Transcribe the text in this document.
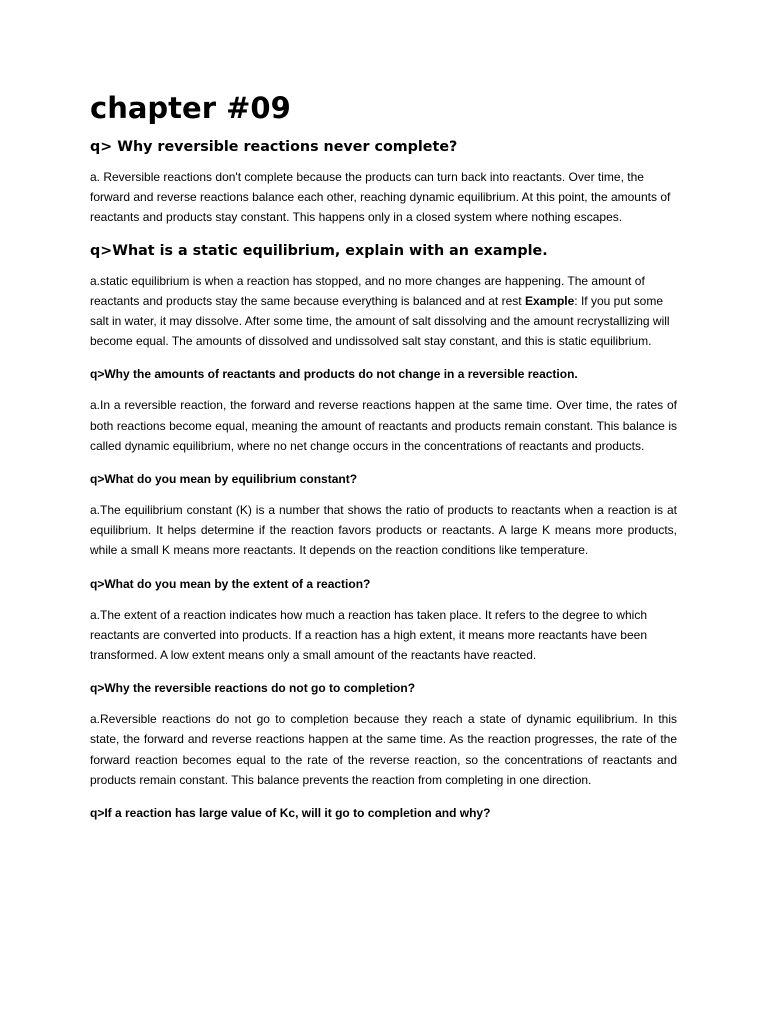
chapter #09
q> Why reversible reactions never complete?

a. Reversible reactions don't complete because the products can turn back into reactants. Over time, the forward and reverse reactions balance each other, reaching dynamic equilibrium. At this point, the amounts of reactants and products stay constant. This happens only in a closed system where nothing escapes.

q>What is a static equilibrium, explain with an example.

a.static equilibrium is when a reaction has stopped, and no more changes are happening. The amount of reactants and products stay the same because everything is balanced and at rest Example: If you put some salt in water, it may dissolve. After some time, the amount of salt dissolving and the amount recrystallizing will become equal. The amounts of dissolved and undissolved salt stay constant, and this is static equilibrium.

q>Why the amounts of reactants and products do not change in a reversible reaction.

a.In a reversible reaction, the forward and reverse reactions happen at the same time. Over time, the rates of both reactions become equal, meaning the amount of reactants and products remain constant. This balance is called dynamic equilibrium, where no net change occurs in the concentrations of reactants and products.

q>What do you mean by equilibrium constant?

a.The equilibrium constant (K) is a number that shows the ratio of products to reactants when a reaction is at equilibrium. It helps determine if the reaction favors products or reactants. A large K means more products, while a small K means more reactants. It depends on the reaction conditions like temperature.

q>What do you mean by the extent of a reaction?

a.The extent of a reaction indicates how much a reaction has taken place. It refers to the degree to which reactants are converted into products. If a reaction has a high extent, it means more reactants have been transformed. A low extent means only a small amount of the reactants have reacted.

q>Why the reversible reactions do not go to completion?

a.Reversible reactions do not go to completion because they reach a state of dynamic equilibrium. In this state, the forward and reverse reactions happen at the same time. As the reaction progresses, the rate of the forward reaction becomes equal to the rate of the reverse reaction, so the concentrations of reactants and products remain constant. This balance prevents the reaction from completing in one direction.

q>If a reaction has large value of Kc, will it go to completion and why?
